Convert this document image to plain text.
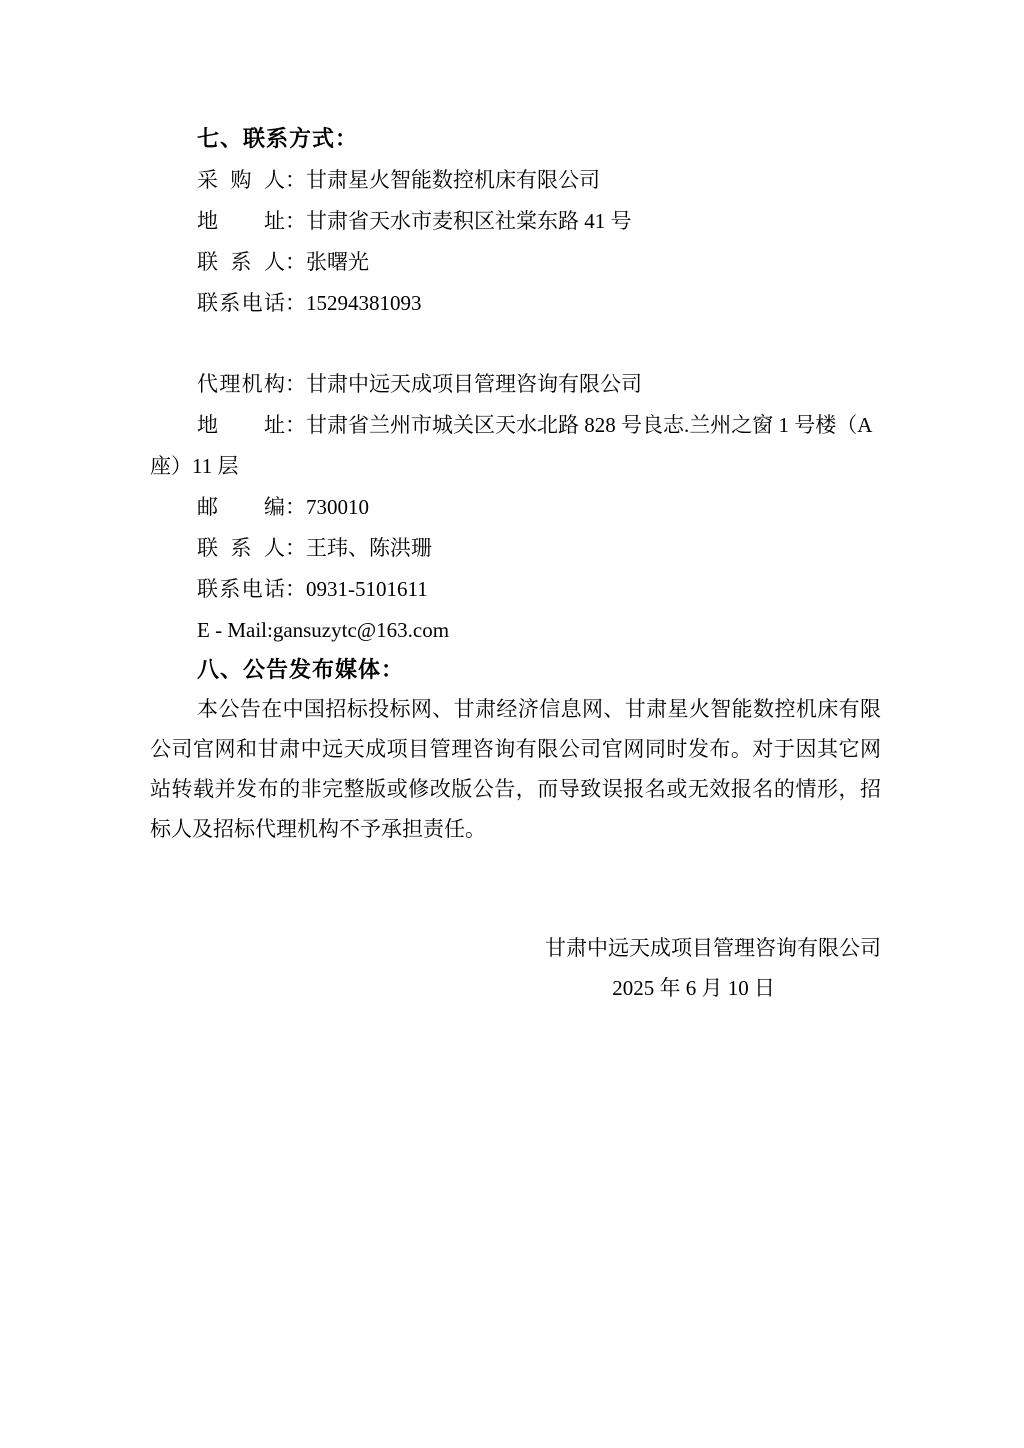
七、联系方式：
采购人：甘肃星火智能数控机床有限公司
地址：甘肃省天水市麦积区社棠东路 41 号
联系人：张曙光
联系电话：15294381093
代理机构：甘肃中远天成项目管理咨询有限公司
地址：甘肃省兰州市城关区天水北路 828 号良志.兰州之窗 1 号楼（A座）11 层
邮编：730010
联系人：王玮、陈洪珊
联系电话：0931-5101611
E - Mail:gansuzytc@163.com
八、公告发布媒体：

本公告在中国招标投标网、甘肃经济信息网、甘肃星火智能数控机床有限公司官网和甘肃中远天成项目管理咨询有限公司官网同时发布。对于因其它网站转载并发布的非完整版或修改版公告，而导致误报名或无效报名的情形，招标人及招标代理机构不予承担责任。

甘肃中远天成项目管理咨询有限公司
2025 年 6 月 10 日
